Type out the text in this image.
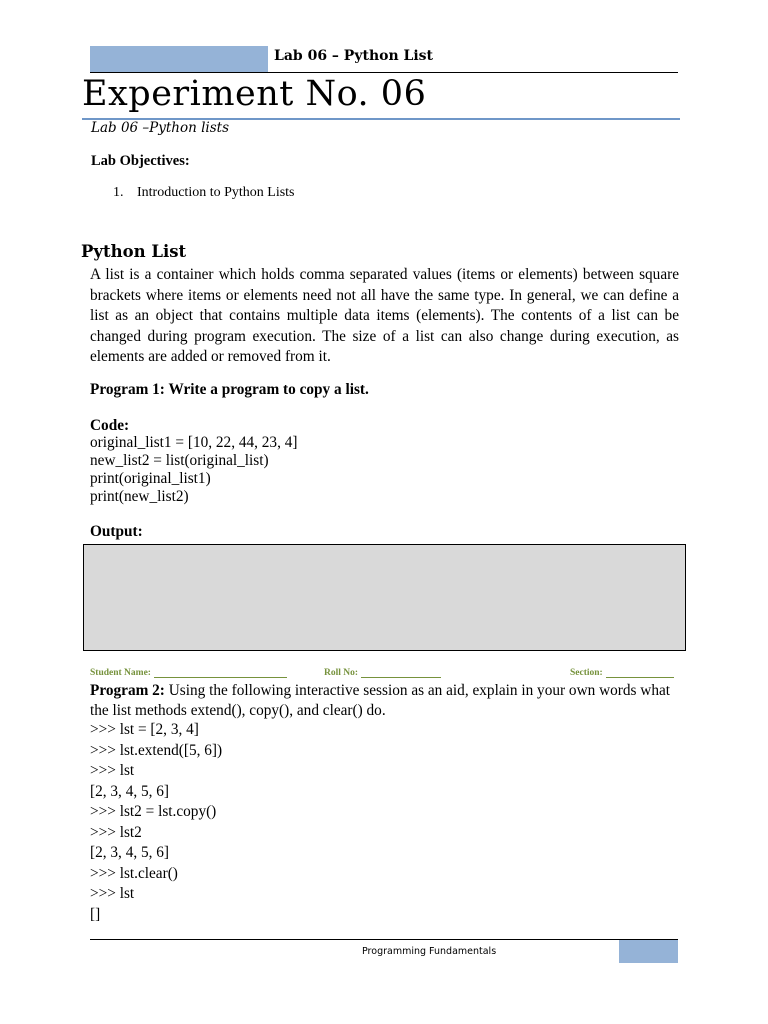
Lab 06 – Python List
Experiment No. 06
Lab 06 –Python lists
Lab Objectives:
1. Introduction to Python Lists
Python List
A list is a container which holds comma separated values (items or elements) between square brackets where items or elements need not all have the same type. In general, we can define a list as an object that contains multiple data items (elements). The contents of a list can be changed during program execution. The size of a list can also change during execution, as elements are added or removed from it.
Program 1: Write a program to copy a list.
Code:
original_list1 = [10, 22, 44, 23, 4]
new_list2 = list(original_list)
print(original_list1)
print(new_list2)
Output:
Student Name:	Roll No:	Section:
Program 2: Using the following interactive session as an aid, explain in your own words what the list methods extend(), copy(), and clear() do.
>>> lst = [2, 3, 4]
>>> lst.extend([5, 6])
>>> lst
[2, 3, 4, 5, 6]
>>> lst2 = lst.copy()
>>> lst2
[2, 3, 4, 5, 6]
>>> lst.clear()
>>> lst
[]
Programming Fundamentals
